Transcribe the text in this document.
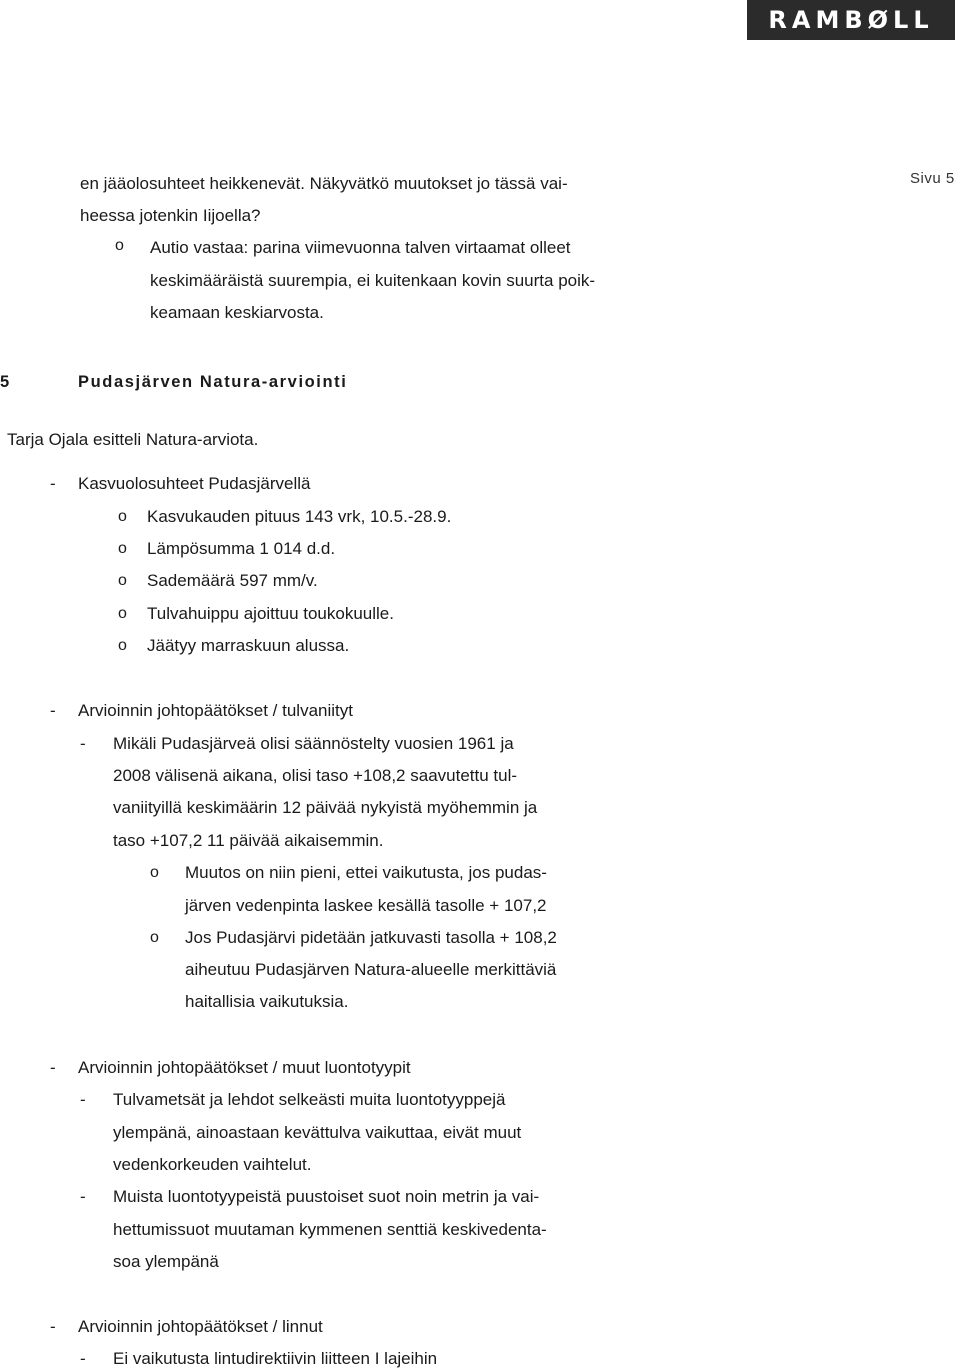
RAMBØLL
Sivu 5
en jääolosuhteet heikkenevät. Näkyvätkö muutokset jo tässä vai-
heessa jotenkin Iijoella?
o Autio vastaa: parina viimevuonna talven virtaamat olleet
keskimääräistä suurempia, ei kuitenkaan kovin suurta poik-
keamaan keskiarvosta.
5	Pudasjärven Natura-arviointi
Tarja Ojala esitteli Natura-arviota.
- Kasvuolosuhteet Pudasjärvellä
o Kasvukauden pituus 143 vrk, 10.5.-28.9.
o Lämpösumma 1 014 d.d.
o Sademäärä 597 mm/v.
o Tulvahuippu ajoittuu toukokuulle.
o Jäätyy marraskuun alussa.
- Arvioinnin johtopäätökset / tulvaniityt
- Mikäli Pudasjärveä olisi säännöstelty vuosien 1961 ja
2008 välisenä aikana, olisi taso +108,2 saavutettu tul-
vaniityillä keskimäärin 12 päivää nykyistä myöhemmin ja
taso +107,2 11 päivää aikaisemmin.
o Muutos on niin pieni, ettei vaikutusta, jos pudas-
järven vedenpinta laskee kesällä tasolle + 107,2
o Jos Pudasjärvi pidetään jatkuvasti tasolla + 108,2
aiheutuu Pudasjärven Natura-alueelle merkittäviä
haitallisia vaikutuksia.
- Arvioinnin johtopäätökset / muut luontotyypit
- Tulvametsät ja lehdot selkeästi muita luontotyyppejä
ylempänä, ainoastaan kevättulva vaikuttaa, eivät muut
vedenkorkeuden vaihtelut.
- Muista luontotyypeistä puustoiset suot noin metrin ja vai-
hettumissuot muutaman kymmenen senttiä keskivedenta-
soa ylempänä
- Arvioinnin johtopäätökset / linnut
- Ei vaikutusta lintudirektiivin liitteen I lajeihin
